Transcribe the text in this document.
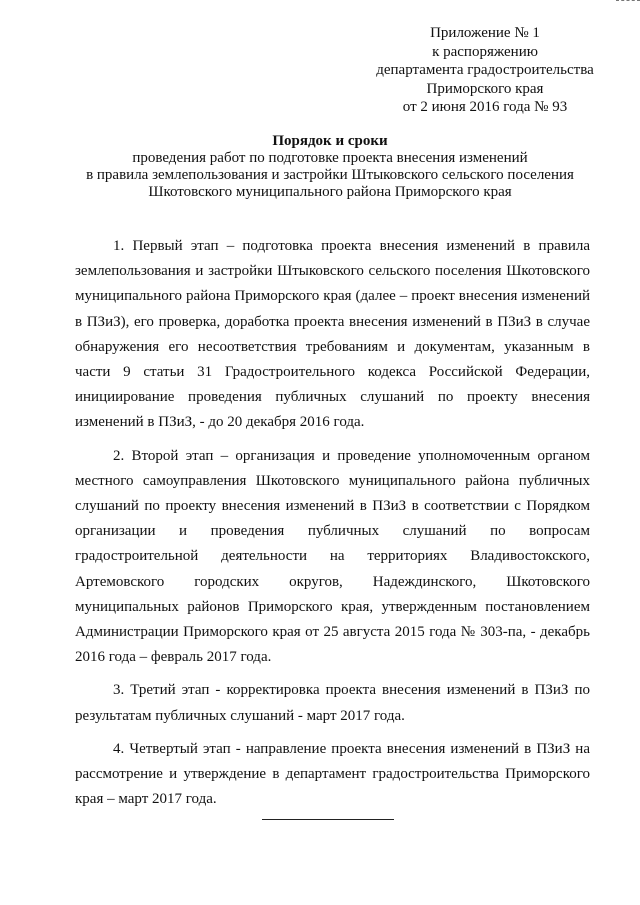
Приложение № 1
к распоряжению
департамента градостроительства
Приморского края
от 2 июня 2016 года № 93
Порядок и сроки
проведения работ по подготовке проекта внесения изменений
в правила землепользования и застройки Штыковского сельского поселения
Шкотовского муниципального района Приморского края

1. Первый этап – подготовка проекта внесения изменений в правила землепользования и застройки Штыковского сельского поселения Шкотовского муниципального района Приморского края (далее – проект внесения изменений в ПЗиЗ), его проверка, доработка проекта внесения изменений в ПЗиЗ в случае обнаружения его несоответствия требованиям и документам, указанным в части 9 статьи 31 Градостроительного кодекса Российской Федерации, инициирование проведения публичных слушаний по проекту внесения изменений в ПЗиЗ, - до 20 декабря 2016 года.

2. Второй этап – организация и проведение уполномоченным органом местного самоуправления Шкотовского муниципального района публичных слушаний по проекту внесения изменений в ПЗиЗ в соответствии с Порядком организации и проведения публичных слушаний по вопросам градостроительной деятельности на территориях Владивостокского, Артемовского городских округов, Надеждинского, Шкотовского муниципальных районов Приморского края, утвержденным постановлением Администрации Приморского края от 25 августа 2015 года № 303-па, - декабрь 2016 года – февраль 2017 года.

3. Третий этап - корректировка проекта внесения изменений в ПЗиЗ по результатам публичных слушаний - март 2017 года.

4. Четвертый этап - направление проекта внесения изменений в ПЗиЗ на рассмотрение и утверждение в департамент градостроительства Приморского края – март 2017 года.
